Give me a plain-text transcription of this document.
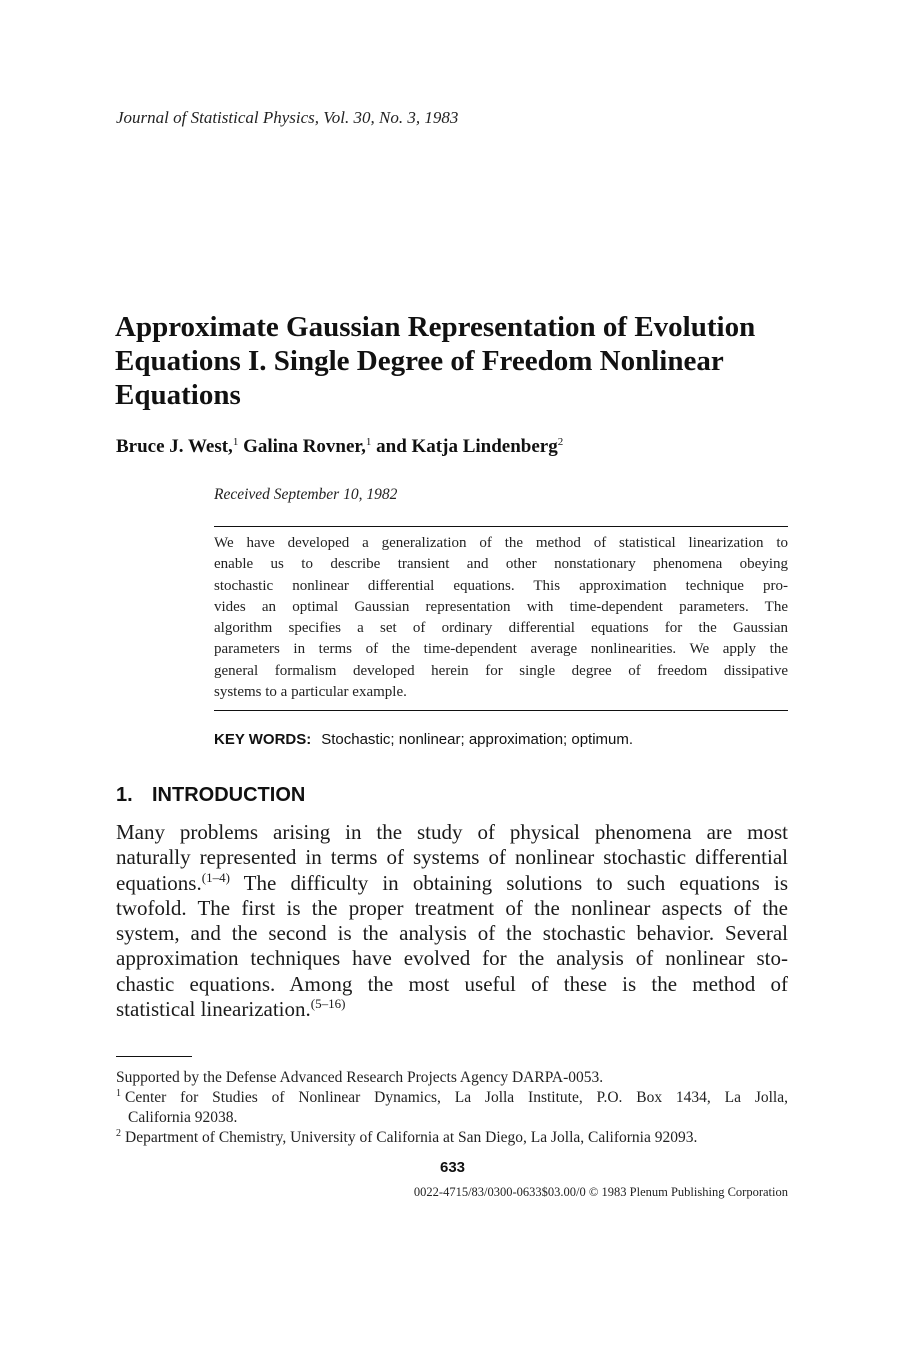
Journal of Statistical Physics, Vol. 30, No. 3, 1983
Approximate Gaussian Representation of Evolution
Equations I. Single Degree of Freedom Nonlinear
Equations
Bruce J. West,$^1$ Galina Rovner,$^1$ and Katja Lindenberg$^2$
Received September 10, 1982
We have developed a generalization of the method of statistical linearization to
enable us to describe transient and other nonstationary phenomena obeying
stochastic nonlinear differential equations. This approximation technique pro-
vides an optimal Gaussian representation with time-dependent parameters. The
algorithm specifies a set of ordinary differential equations for the Gaussian
parameters in terms of the time-dependent average nonlinearities. We apply the
general formalism developed herein for single degree of freedom dissipative
systems to a particular example.
KEY WORDS: Stochastic; nonlinear; approximation; optimum.
1. INTRODUCTION
Many problems arising in the study of physical phenomena are most
naturally represented in terms of systems of nonlinear stochastic differential
equations.$^{(1-4)}$ The difficulty in obtaining solutions to such equations is
twofold. The first is the proper treatment of the nonlinear aspects of the
system, and the second is the analysis of the stochastic behavior. Several
approximation techniques have evolved for the analysis of nonlinear sto-
chastic equations. Among the most useful of these is the method of
statistical linearization.$^{(5-16)}$
Supported by the Defense Advanced Research Projects Agency DARPA-0053.
$^1$ Center for Studies of Nonlinear Dynamics, La Jolla Institute, P.O. Box 1434, La Jolla,
California 92038.
$^2$ Department of Chemistry, University of California at San Diego, La Jolla, California 92093.
633
0022-4715/83/0300-0633$03.00/0 © 1983 Plenum Publishing Corporation
